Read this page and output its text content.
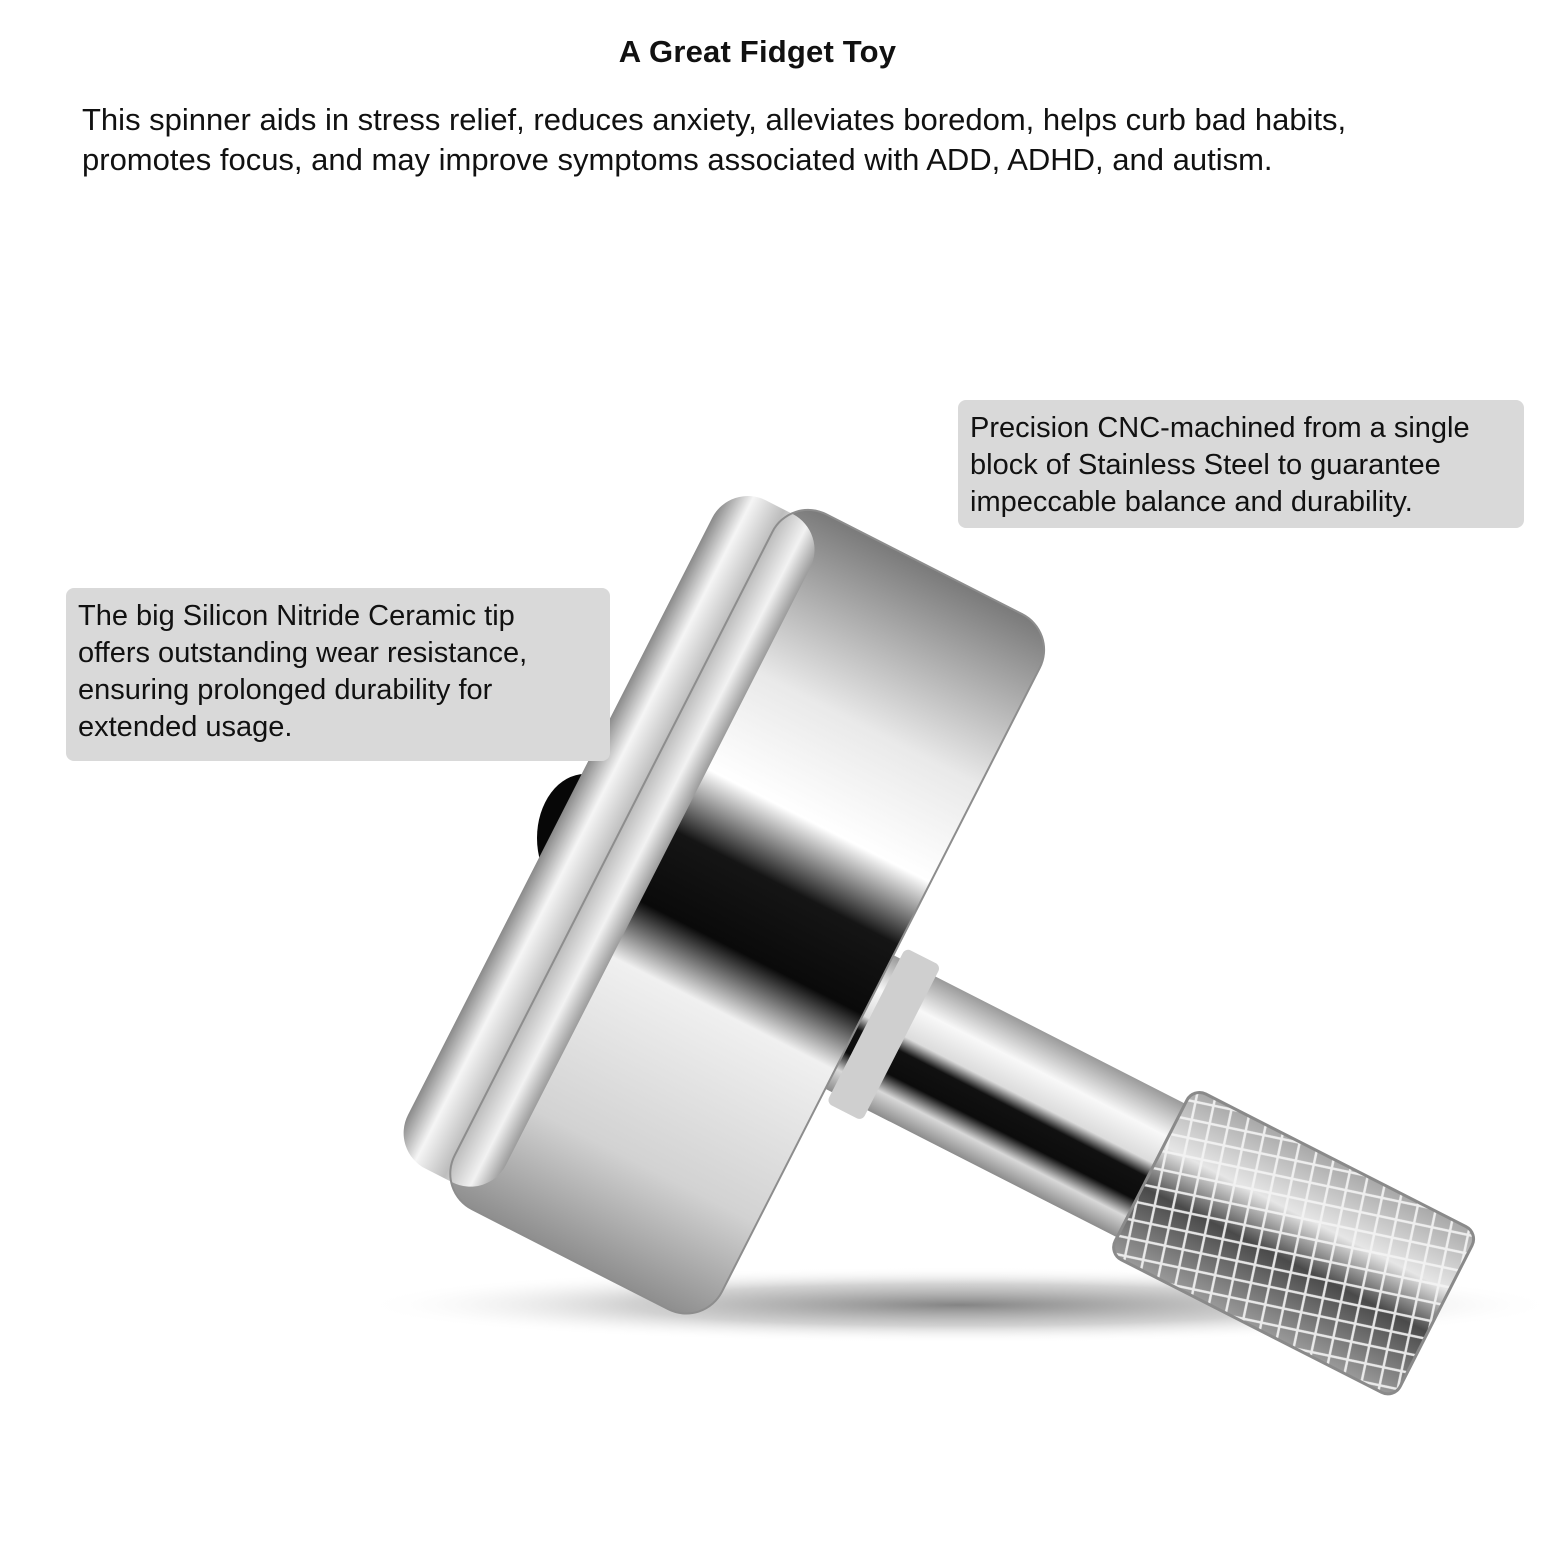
A Great Fidget Toy
This spinner aids in stress relief, reduces anxiety, alleviates boredom, helps curb bad habits,
promotes focus, and may improve symptoms associated with ADD, ADHD, and autism.
Precision CNC-machined from a single
block of Stainless Steel to guarantee
impeccable balance and durability.
The big Silicon Nitride Ceramic tip
offers outstanding wear resistance,
ensuring prolonged durability for
extended usage.
